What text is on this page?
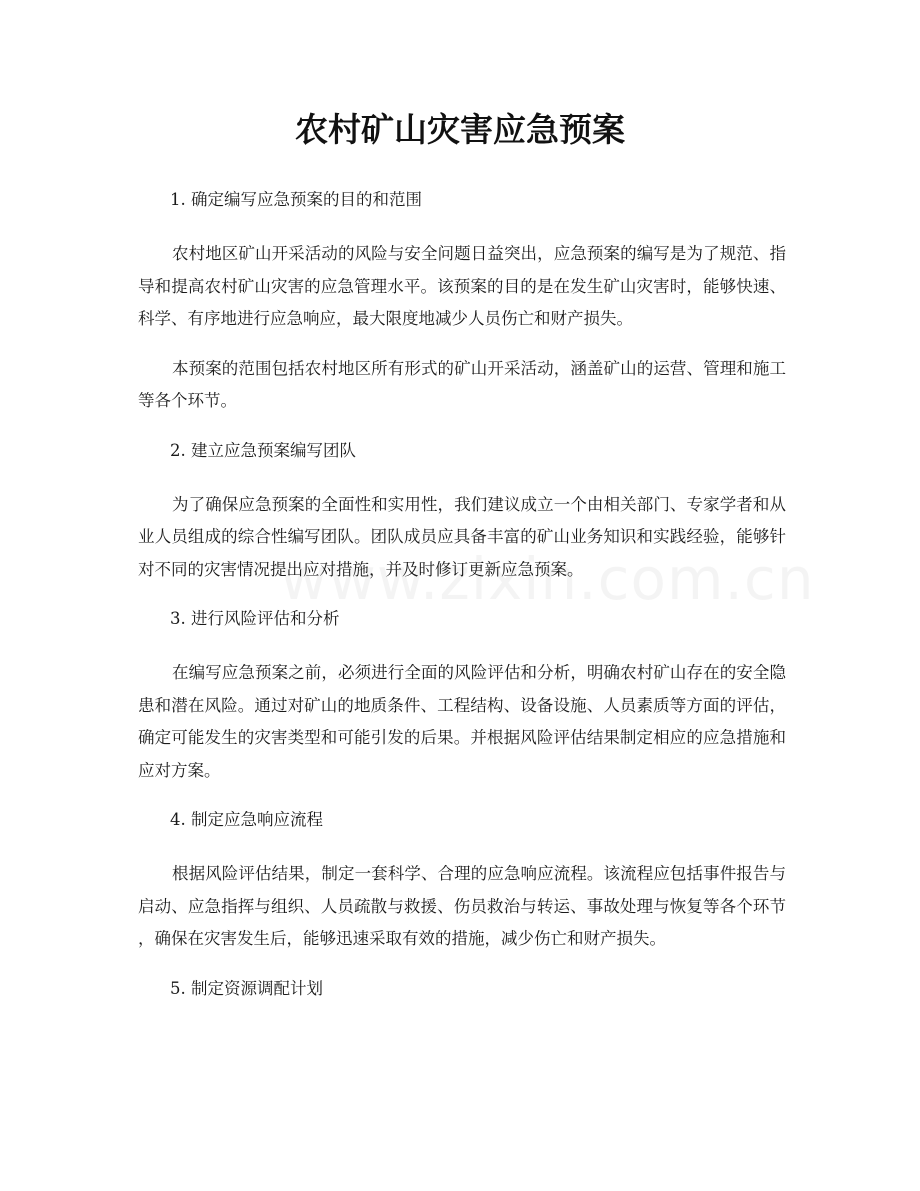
农村矿山灾害应急预案

1. 确定编写应急预案的目的和范围

农村地区矿山开采活动的风险与安全问题日益突出，应急预案的编写是为了规范、指导和提高农村矿山灾害的应急管理水平。该预案的目的是在发生矿山灾害时，能够快速、科学、有序地进行应急响应，最大限度地减少人员伤亡和财产损失。

本预案的范围包括农村地区所有形式的矿山开采活动，涵盖矿山的运营、管理和施工等各个环节。

2. 建立应急预案编写团队

为了确保应急预案的全面性和实用性，我们建议成立一个由相关部门、专家学者和从业人员组成的综合性编写团队。团队成员应具备丰富的矿山业务知识和实践经验，能够针对不同的灾害情况提出应对措施，并及时修订更新应急预案。

3. 进行风险评估和分析

在编写应急预案之前，必须进行全面的风险评估和分析，明确农村矿山存在的安全隐患和潜在风险。通过对矿山的地质条件、工程结构、设备设施、人员素质等方面的评估，确定可能发生的灾害类型和可能引发的后果。并根据风险评估结果制定相应的应急措施和应对方案。

4. 制定应急响应流程

根据风险评估结果，制定一套科学、合理的应急响应流程。该流程应包括事件报告与启动、应急指挥与组织、人员疏散与救援、伤员救治与转运、事故处理与恢复等各个环节，确保在灾害发生后，能够迅速采取有效的措施，减少伤亡和财产损失。

5. 制定资源调配计划
